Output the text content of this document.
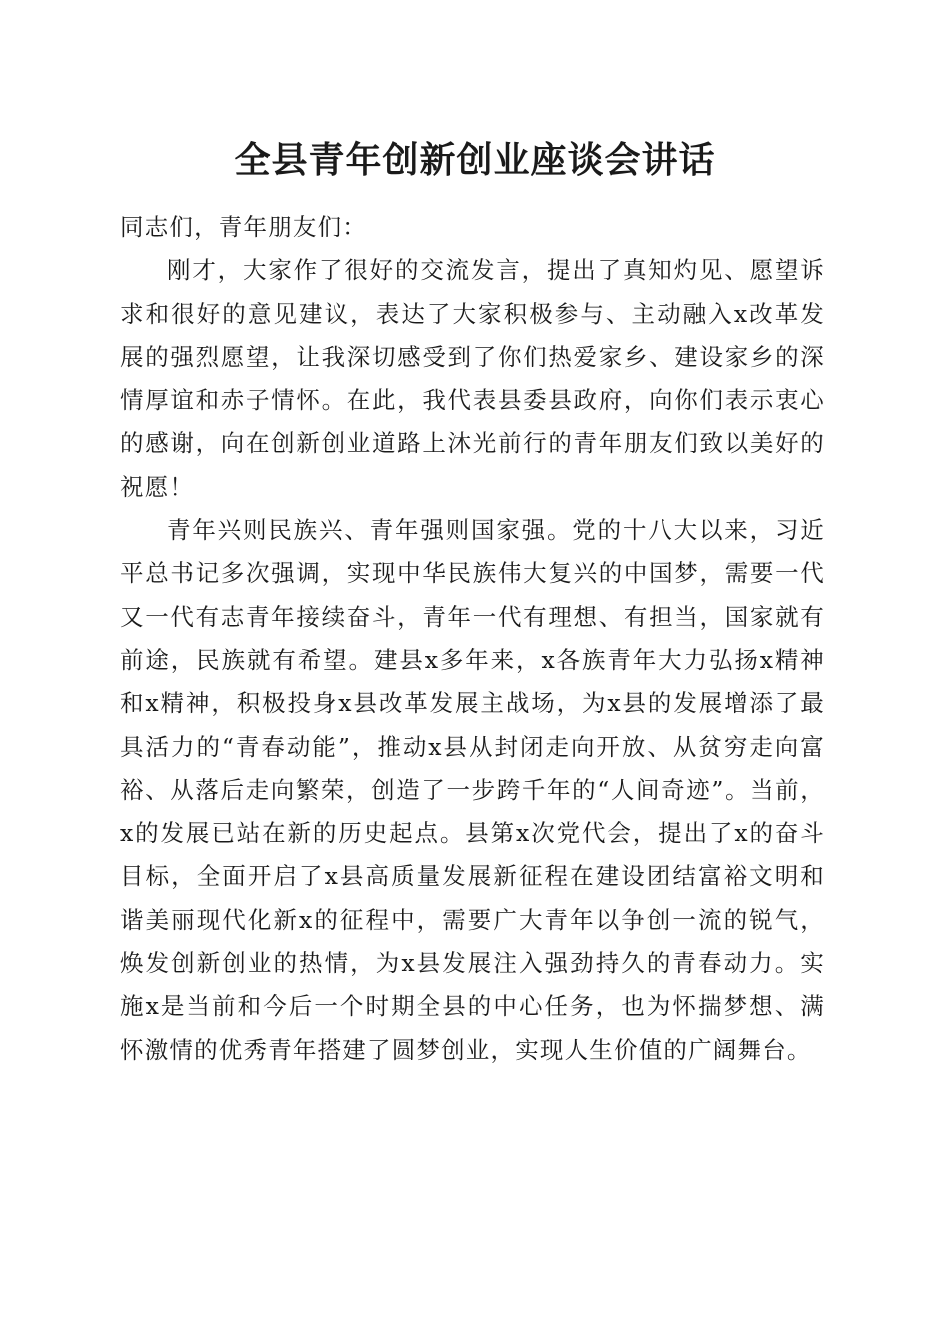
全县青年创新创业座谈会讲话

同志们，青年朋友们：

刚才，大家作了很好的交流发言，提出了真知灼见、愿望诉求和很好的意见建议，表达了大家积极参与、主动融入x改革发展的强烈愿望，让我深切感受到了你们热爱家乡、建设家乡的深情厚谊和赤子情怀。在此，我代表县委县政府，向你们表示衷心的感谢，向在创新创业道路上沐光前行的青年朋友们致以美好的祝愿！

青年兴则民族兴、青年强则国家强。党的十八大以来，习近平总书记多次强调，实现中华民族伟大复兴的中国梦，需要一代又一代有志青年接续奋斗，青年一代有理想、有担当，国家就有前途，民族就有希望。建县x多年来，x各族青年大力弘扬x精神和x精神，积极投身x县改革发展主战场，为x县的发展增添了最具活力的“青春动能”，推动x县从封闭走向开放、从贫穷走向富裕、从落后走向繁荣，创造了一步跨千年的“人间奇迹”。当前，x的发展已站在新的历史起点。县第x次党代会，提出了x的奋斗目标，全面开启了x县高质量发展新征程在建设团结富裕文明和谐美丽现代化新x的征程中，需要广大青年以争创一流的锐气，焕发创新创业的热情，为x县发展注入强劲持久的青春动力。实施x是当前和今后一个时期全县的中心任务，也为怀揣梦想、满怀激情的优秀青年搭建了圆梦创业，实现人生价值的广阔舞台。
